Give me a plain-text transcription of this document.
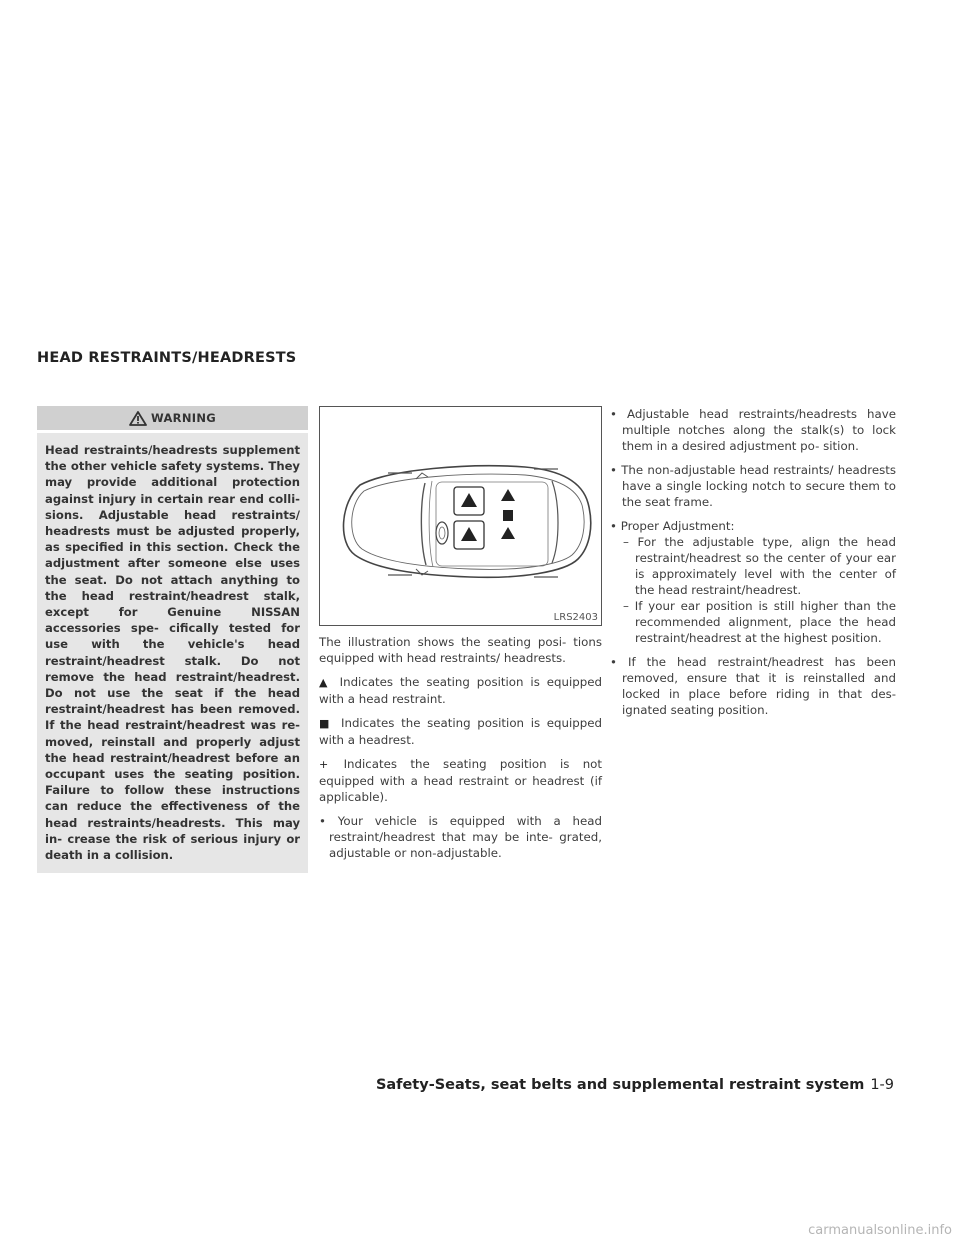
HEAD RESTRAINTS/HEADRESTS
WARNING
Head restraints/headrests supplement the other vehicle safety systems. They may provide additional protection against injury in certain rear end colli- sions. Adjustable head restraints/ headrests must be adjusted properly, as specified in this section. Check the adjustment after someone else uses the seat. Do not attach anything to the head restraint/headrest stalk, except for Genuine NISSAN accessories spe- cifically tested for use with the vehicle's head restraint/headrest stalk. Do not remove the head restraint/headrest. Do not use the seat if the head restraint/headrest has been removed. If the head restraint/headrest was re- moved, reinstall and properly adjust the head restraint/headrest before an occupant uses the seating position. Failure to follow these instructions can reduce the effectiveness of the head restraints/headrests. This may in- crease the risk of serious injury or death in a collision.
LRS2403

The illustration shows the seating posi- tions equipped with head restraints/ headrests.

▲ Indicates the seating position is equipped with a head restraint.

■ Indicates the seating position is equipped with a headrest.

+ Indicates the seating position is not equipped with a head restraint or headrest (if applicable).

• Your vehicle is equipped with a head restraint/headrest that may be inte- grated, adjustable or non-adjustable.

• Adjustable head restraints/headrests have multiple notches along the stalk(s) to lock them in a desired adjustment po- sition.

• The non-adjustable head restraints/ headrests have a single locking notch to secure them to the seat frame.

• Proper Adjustment:

– For the adjustable type, align the head restraint/headrest so the center of your ear is approximately level with the center of the head restraint/headrest.

– If your ear position is still higher than the recommended alignment, place the head restraint/headrest at the highest position.

• If the head restraint/headrest has been removed, ensure that it is reinstalled and locked in place before riding in that des- ignated seating position.

Safety-Seats, seat belts and supplemental restraint system 1-9
carmanualsonline.info
